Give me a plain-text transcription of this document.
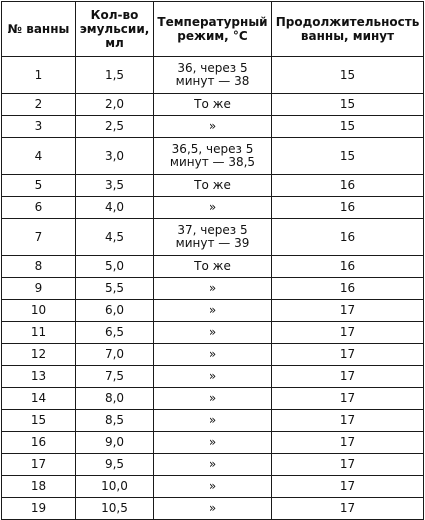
№ ванны	Кол-во эмульсии, мл	Температурный режим, °С	Продолжительность ванны, минут
1	1,5	36, через 5 минут — 38	15
2	2,0	То же	15
3	2,5	»	15
4	3,0	36,5, через 5 минут — 38,5	15
5	3,5	То же	16
6	4,0	»	16
7	4,5	37, через 5 минут — 39	16
8	5,0	То же	16
9	5,5	»	16
10	6,0	»	17
11	6,5	»	17
12	7,0	»	17
13	7,5	»	17
14	8,0	»	17
15	8,5	»	17
16	9,0	»	17
17	9,5	»	17
18	10,0	»	17
19	10,5	»	17
